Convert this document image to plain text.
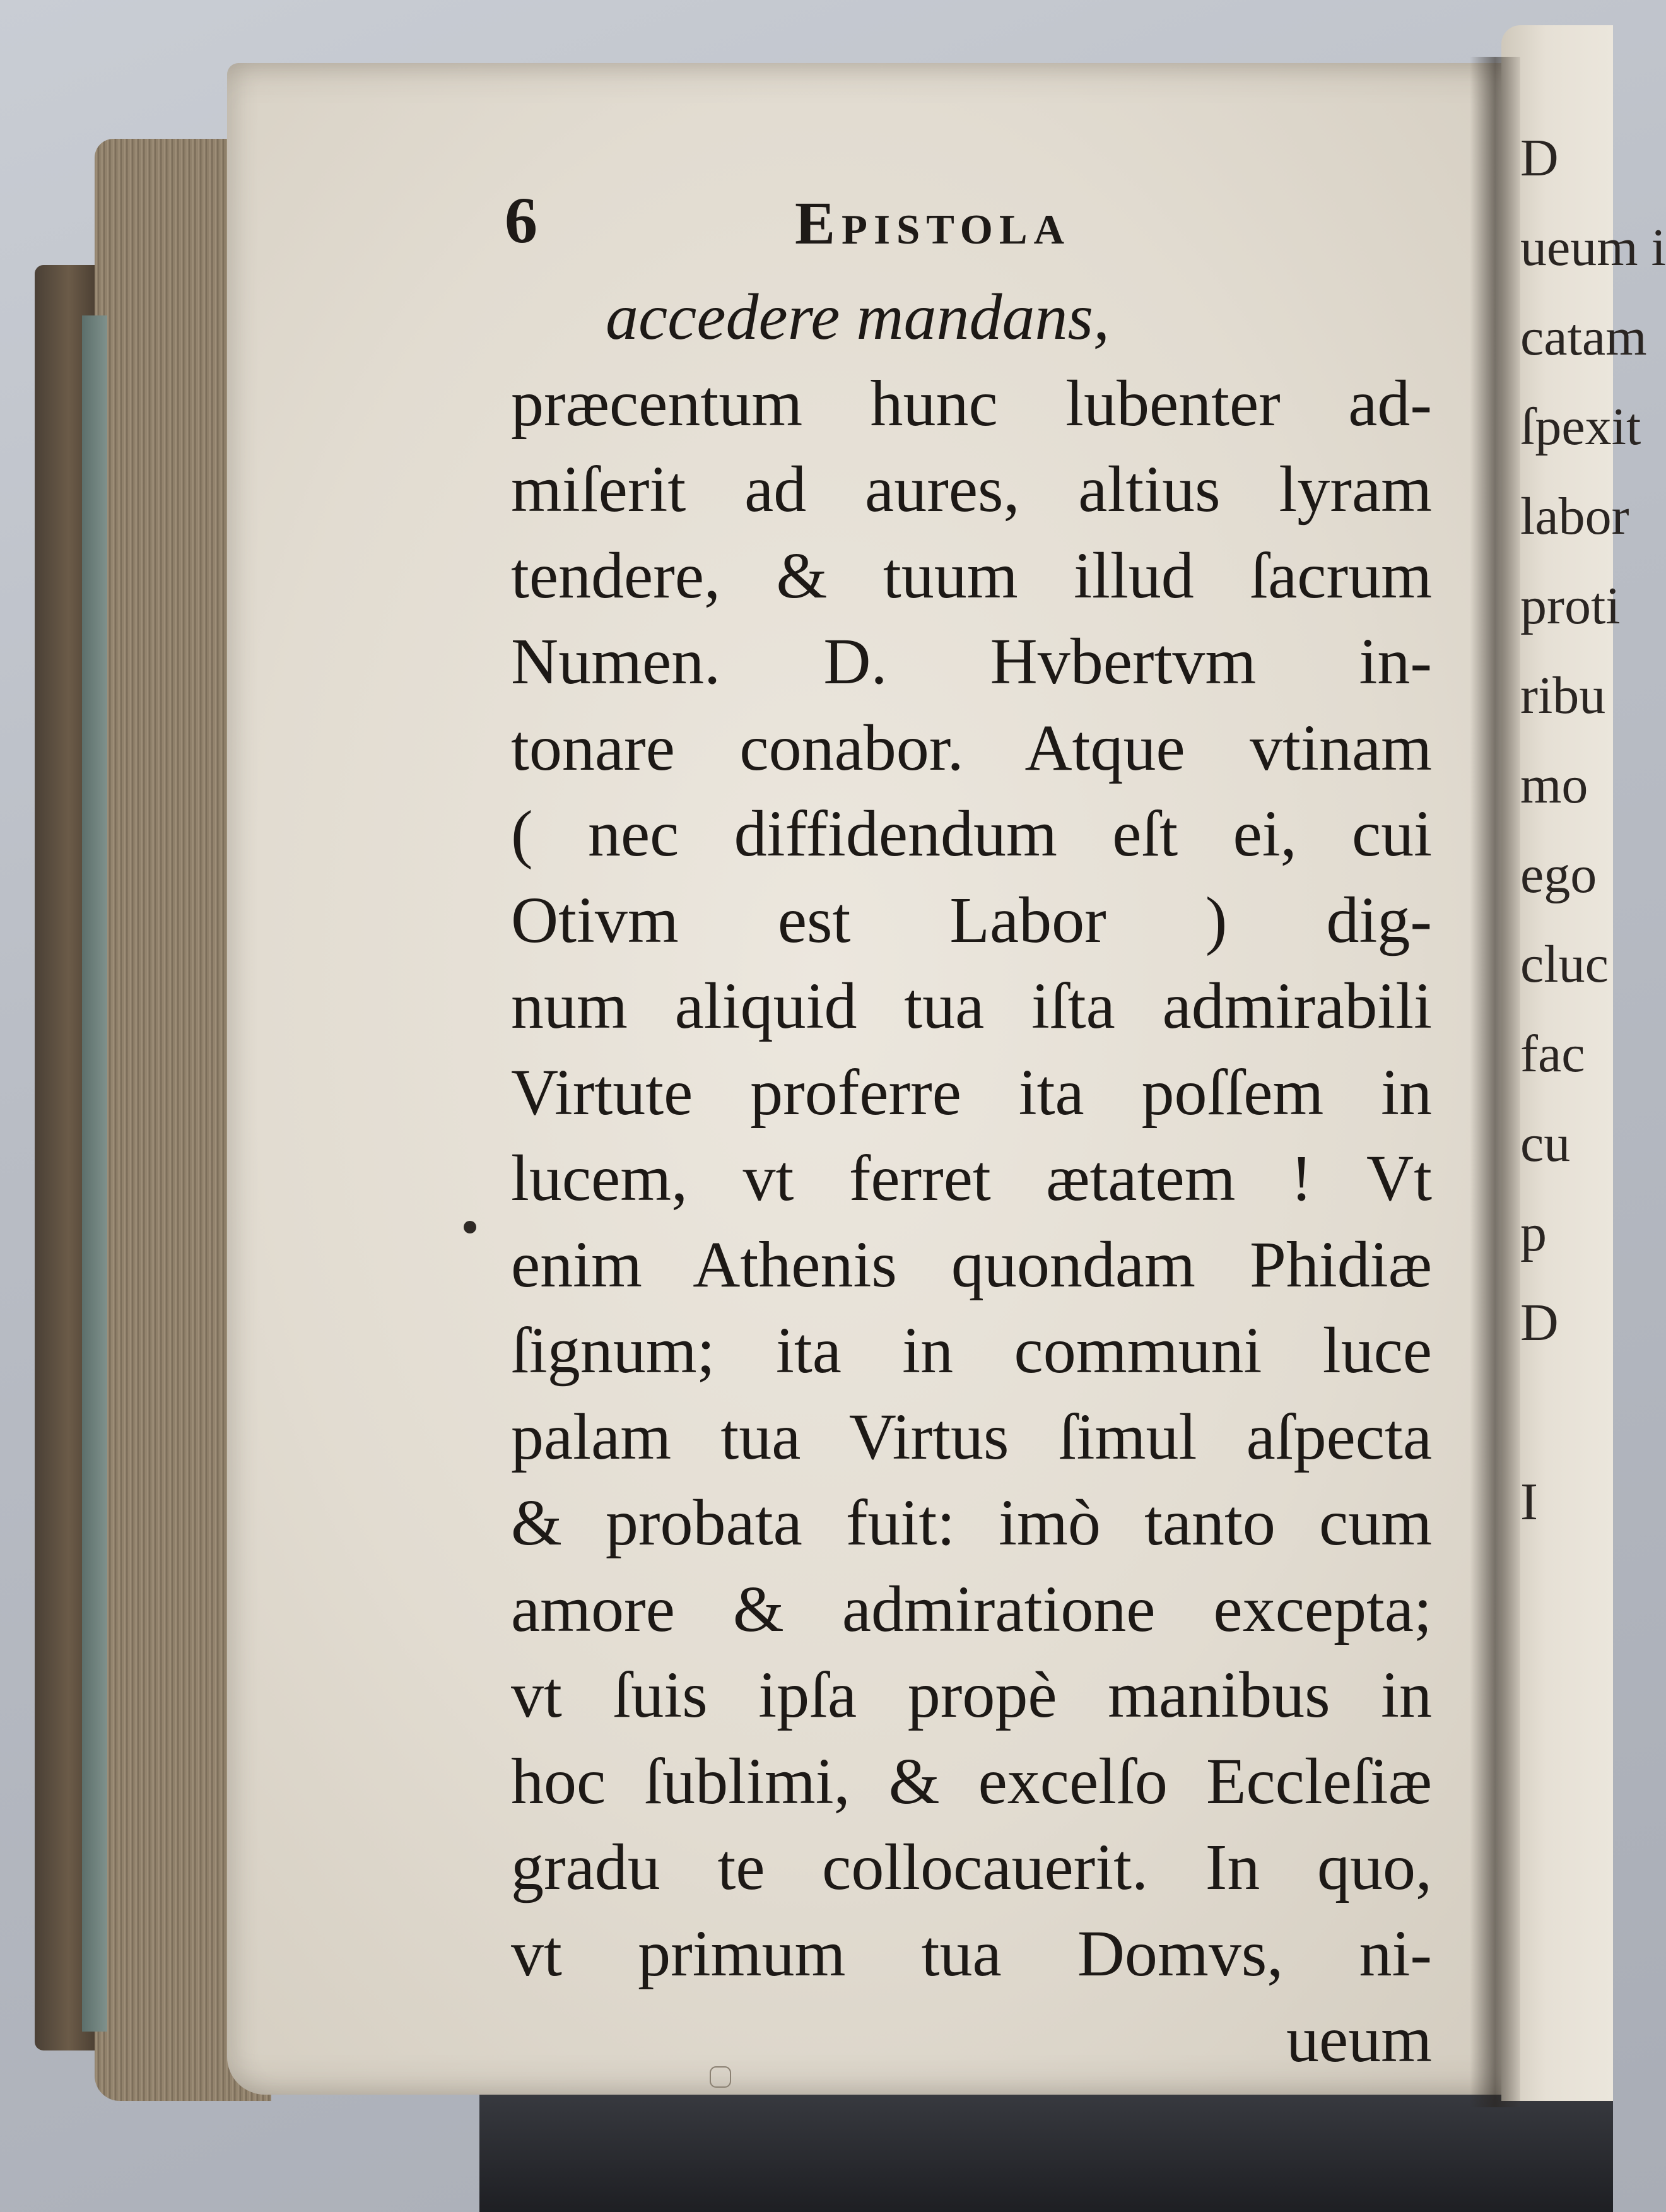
D
ueum i
catam
ſpexit
labor
proti
ribu
mo
ego
cluc
fac
cu
p
D
I
6	Epistola
accedere mandans,
præcentum hunc lubenter ad-
miſerit ad aures, altius lyram
tendere, & tuum illud ſacrum
Numen. D. Hvbertvm in-
tonare conabor. Atque vtinam
( nec diffidendum eſt ei, cui
Otivm est Labor ) dig-
num aliquid tua iſta admirabili
Virtute proferre ita poſſem in
lucem, vt ferret ætatem ! Vt
enim Athenis quondam Phidiæ
ſignum; ita in communi luce
palam tua Virtus ſimul aſpecta
& probata fuit: imò tanto cum
amore & admiratione excepta;
vt ſuis ipſa propè manibus in
hoc ſublimi, & excelſo Eccleſiæ
gradu te collocauerit. In quo,
vt primum tua Domvs, ni-
ueum
